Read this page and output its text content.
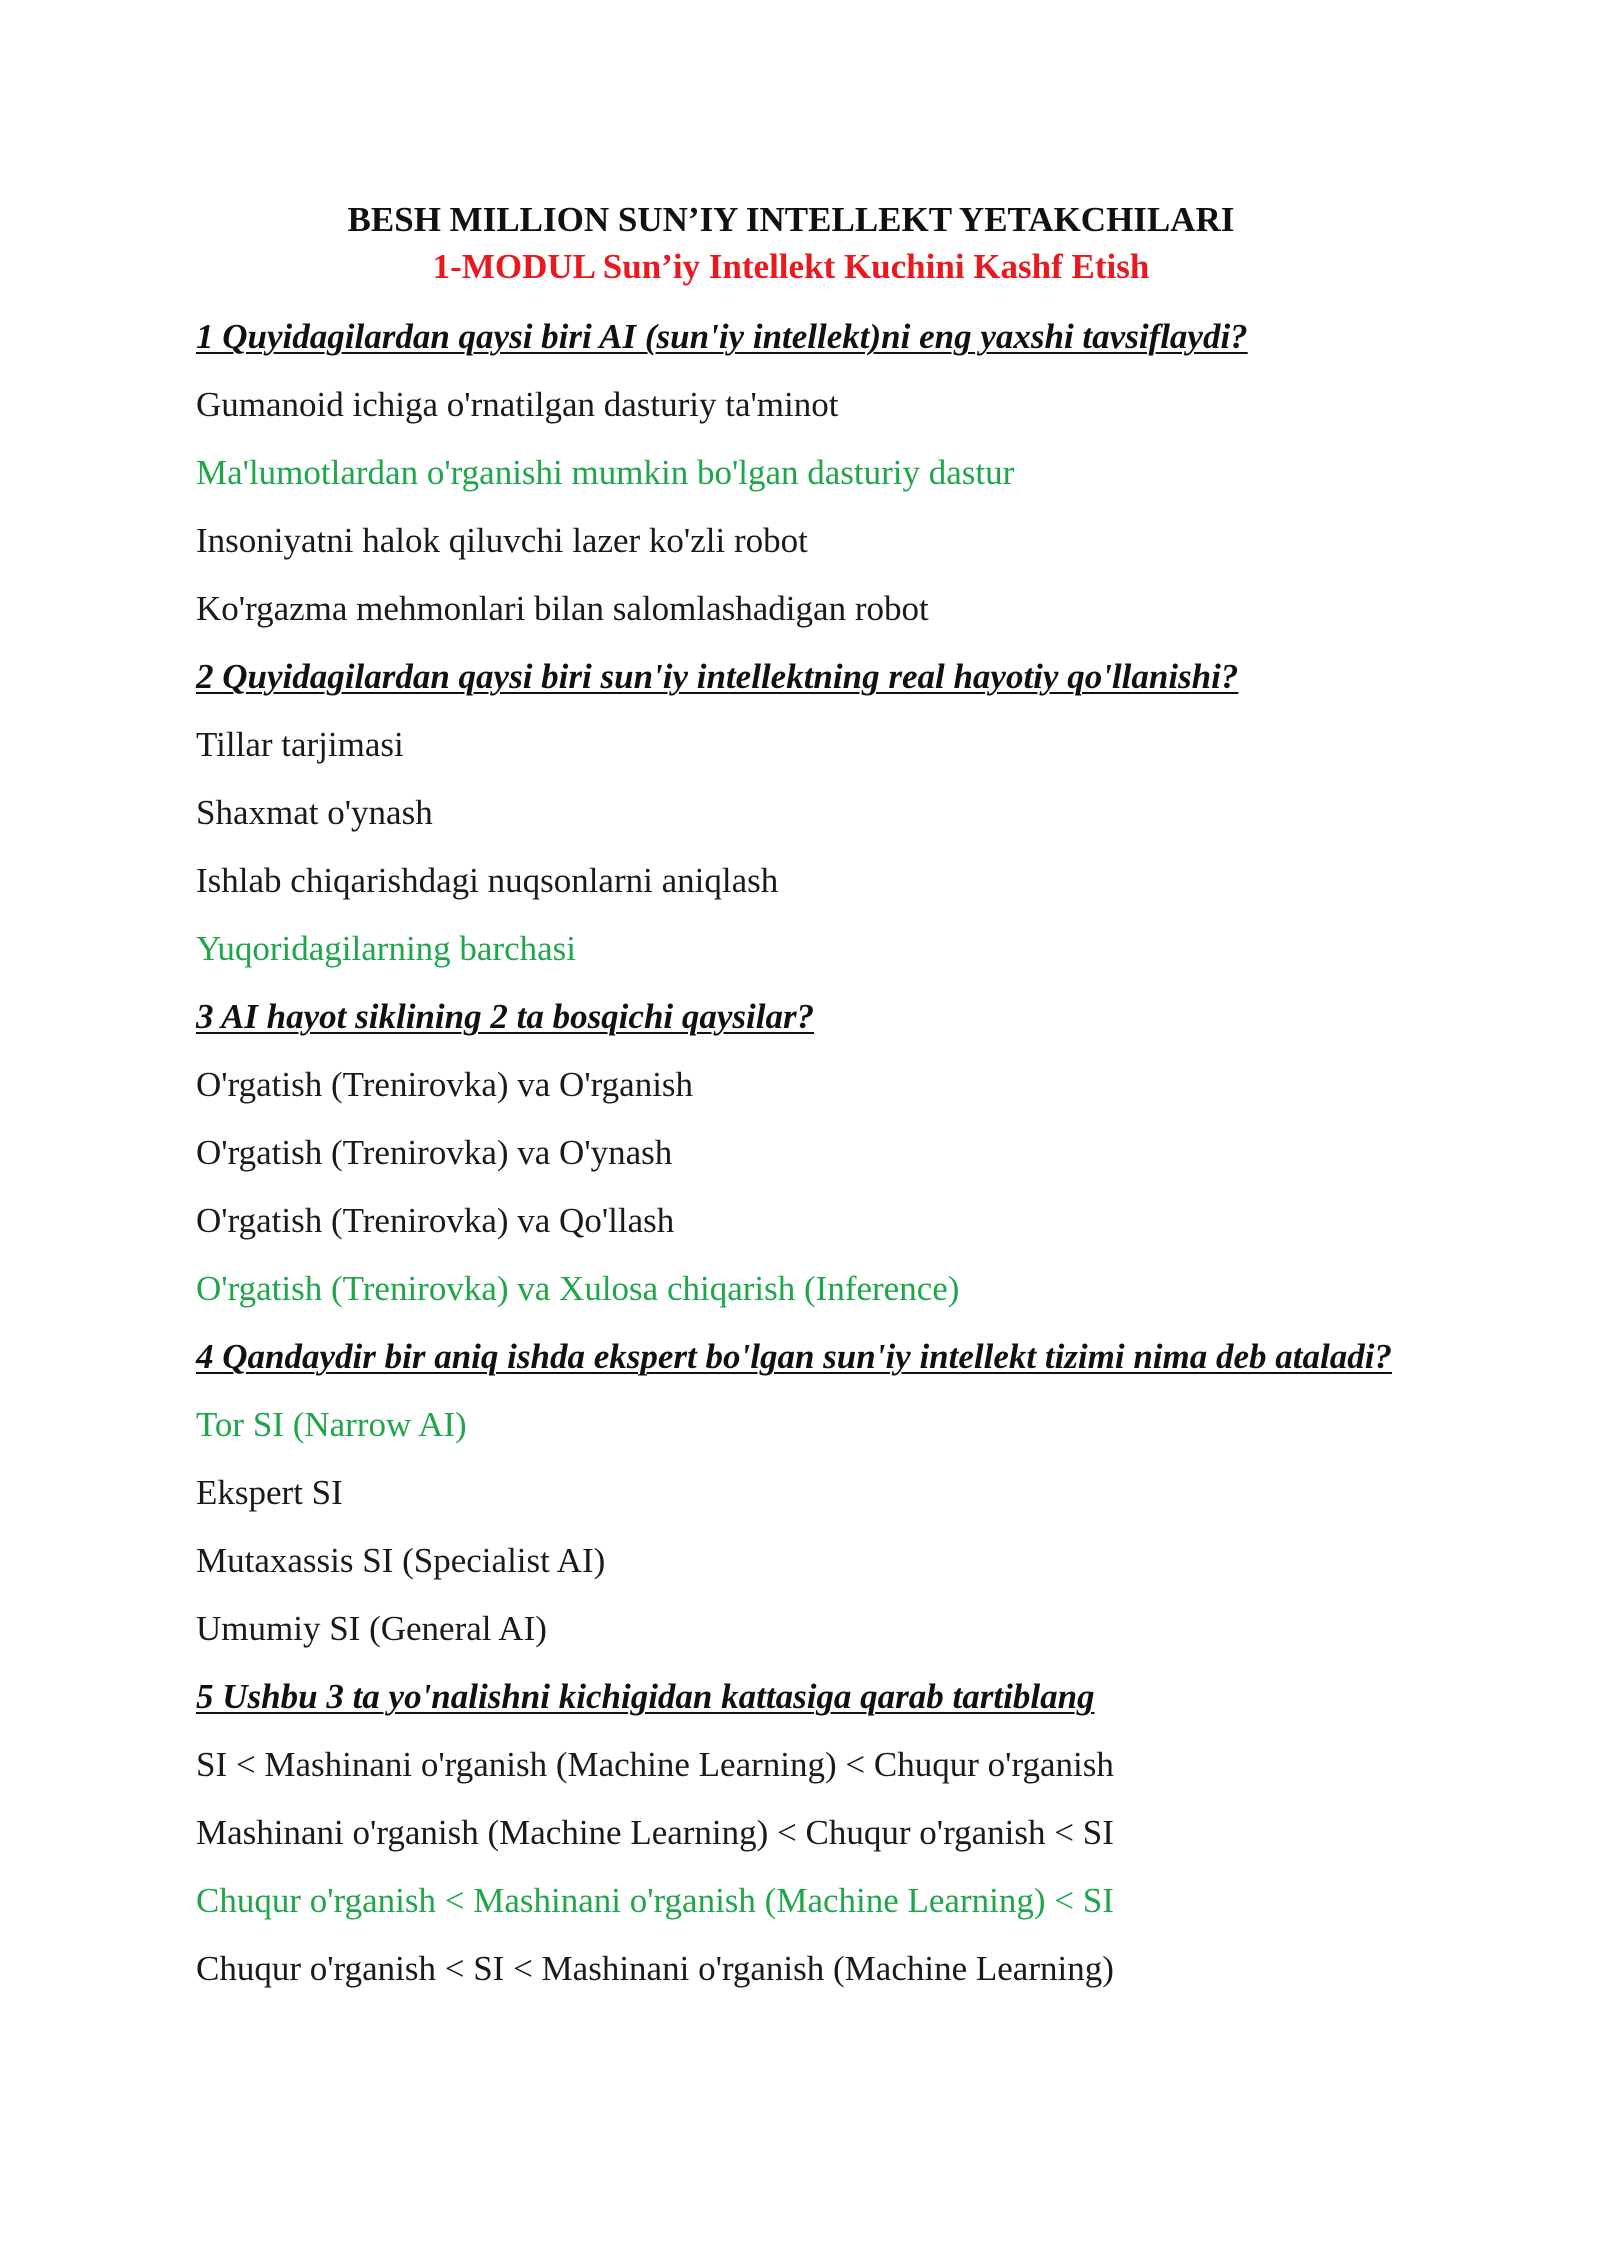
BESH MILLION SUN’IY INTELLEKT YETAKCHILARI
1-MODUL Sun’iy Intellekt Kuchini Kashf Etish

1 Quyidagilardan qaysi biri AI (sun'iy intellekt)ni eng yaxshi tavsiflaydi?

Gumanoid ichiga o'rnatilgan dasturiy ta'minot

Ma'lumotlardan o'rganishi mumkin bo'lgan dasturiy dastur

Insoniyatni halok qiluvchi lazer ko'zli robot

Ko'rgazma mehmonlari bilan salomlashadigan robot

2 Quyidagilardan qaysi biri sun'iy intellektning real hayotiy qo'llanishi?

Tillar tarjimasi

Shaxmat o'ynash

Ishlab chiqarishdagi nuqsonlarni aniqlash

Yuqoridagilarning barchasi

3 AI hayot siklining 2 ta bosqichi qaysilar?

O'rgatish (Trenirovka) va O'rganish

O'rgatish (Trenirovka) va O'ynash

O'rgatish (Trenirovka) va Qo'llash

O'rgatish (Trenirovka) va Xulosa chiqarish (Inference)

4 Qandaydir bir aniq ishda ekspert bo'lgan sun'iy intellekt tizimi nima deb ataladi?

Tor SI (Narrow AI)

Ekspert SI

Mutaxassis SI (Specialist AI)

Umumiy SI (General AI)

5 Ushbu 3 ta yo'nalishni kichigidan kattasiga qarab tartiblang

SI < Mashinani o'rganish (Machine Learning) < Chuqur o'rganish

Mashinani o'rganish (Machine Learning) < Chuqur o'rganish < SI

Chuqur o'rganish < Mashinani o'rganish (Machine Learning) < SI

Chuqur o'rganish < SI < Mashinani o'rganish (Machine Learning)
